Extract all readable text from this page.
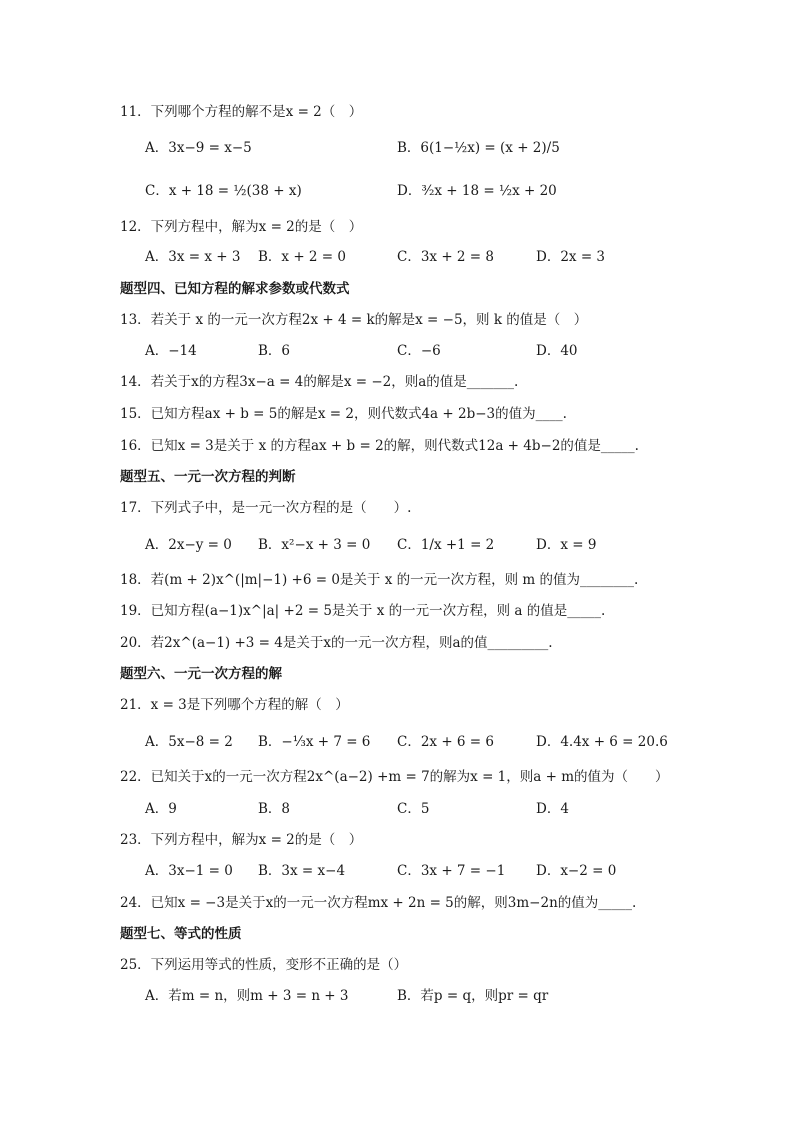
11．下列哪个方程的解不是x = 2（　）
A．3x−9 = x−5	B．6(1−½x) = (x + 2)/5
C．x + 18 = ½(38 + x)	D．³⁄₂x + 18 = ½x + 20
12．下列方程中，解为x = 2的是（　）
A．3x = x + 3 B．x + 2 = 0	C．3x + 2 = 8	D．2x = 3
题型四、已知方程的解求参数或代数式
13．若关于 x 的一元一次方程2x + 4 = k的解是x = −5，则 k 的值是（　）
A．−14	B．6	C．−6	D．40
14．若关于x的方程3x−a = 4的解是x = −2，则a的值是_______.
15．已知方程ax + b = 5的解是x = 2，则代数式4a + 2b−3的值为____.
16．已知x = 3是关于 x 的方程ax + b = 2的解，则代数式12a + 4b−2的值是_____.
题型五、一元一次方程的判断
17．下列式子中，是一元一次方程的是（　　）.
A．2x−y = 0 B．x²−x + 3 = 0 C．1/x +1 = 2	D．x = 9
18．若(m + 2)x^(|m|−1) +6 = 0是关于 x 的一元一次方程，则 m 的值为________.
19．已知方程(a−1)x^|a| +2 = 5是关于 x 的一元一次方程，则 a 的值是_____.
20．若2x^(a−1) +3 = 4是关于x的一元一次方程，则a的值_________.
题型六、一元一次方程的解
21．x = 3是下列哪个方程的解（　）
A．5x−8 = 2 B．−⅓x + 7 = 6 C．2x + 6 = 6	D．4.4x + 6 = 20.6
22．已知关于x的一元一次方程2x^(a−2) +m = 7的解为x = 1，则a + m的值为（　　）
A．9	B．8	C．5	D．4
23．下列方程中，解为x = 2的是（　）
A．3x−1 = 0 B．3x = x−4	C．3x + 7 = −1 D．x−2 = 0
24．已知x = −3是关于x的一元一次方程mx + 2n = 5的解，则3m−2n的值为_____.
题型七、等式的性质
25．下列运用等式的性质，变形不正确的是（）
A．若m = n，则m + 3 = n + 3	B．若p = q，则pr = qr
